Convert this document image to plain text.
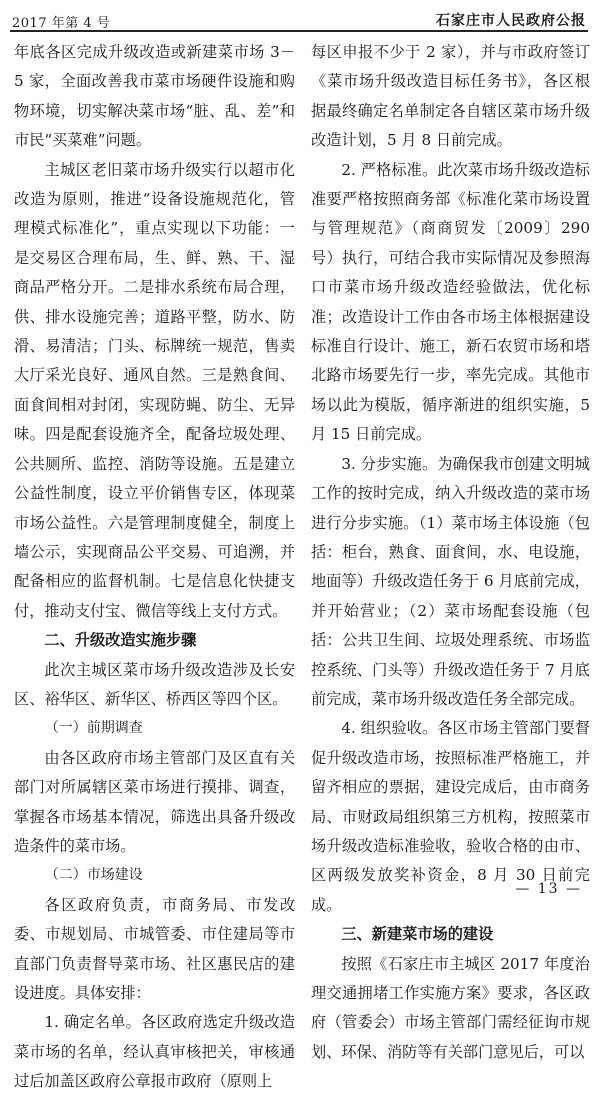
2017 年第 4 号	石家庄市人民政府公报

年底各区完成升级改造或新建菜市场 3－5 家，全面改善我市菜市场硬件设施和购物环境，切实解决菜市场“脏、乱、差”和市民“买菜难”问题。

主城区老旧菜市场升级实行以超市化改造为原则，推进“设备设施规范化，管理模式标准化”，重点实现以下功能：一是交易区合理布局，生、鲜、熟、干、湿商品严格分开。二是排水系统布局合理，供、排水设施完善；道路平整，防水、防滑、易清洁；门头、标牌统一规范，售卖大厅采光良好、通风自然。三是熟食间、面食间相对封闭，实现防蝇、防尘、无异味。四是配套设施齐全，配备垃圾处理、公共厕所、监控、消防等设施。五是建立公益性制度，设立平价销售专区，体现菜市场公益性。六是管理制度健全，制度上墙公示，实现商品公平交易、可追溯，并配备相应的监督机制。七是信息化快捷支付，推动支付宝、微信等线上支付方式。

二、升级改造实施步骤

此次主城区菜市场升级改造涉及长安区、裕华区、新华区、桥西区等四个区。

（一）前期调查

由各区政府市场主管部门及区直有关部门对所属辖区菜市场进行摸排、调查，掌握各市场基本情况，筛选出具备升级改造条件的菜市场。

（二）市场建设

各区政府负责，市商务局、市发改委、市规划局、市城管委、市住建局等市直部门负责督导菜市场、社区惠民店的建设进度。具体安排：

1. 确定名单。各区政府选定升级改造菜市场的名单，经认真审核把关，审核通过后加盖区政府公章报市政府（原则上

每区申报不少于 2 家），并与市政府签订《菜市场升级改造目标任务书》，各区根据最终确定名单制定各自辖区菜市场升级改造计划，5 月 8 日前完成。

2. 严格标准。此次菜市场升级改造标准要严格按照商务部《标准化菜市场设置与管理规范》（商商贸发〔2009〕290 号）执行，可结合我市实际情况及参照海口市菜市场升级改造经验做法，优化标准；改造设计工作由各市场主体根据建设标准自行设计、施工，新石农贸市场和塔北路市场要先行一步，率先完成。其他市场以此为模版，循序渐进的组织实施，5 月 15 日前完成。

3. 分步实施。为确保我市创建文明城工作的按时完成，纳入升级改造的菜市场进行分步实施。（1）菜市场主体设施（包括：柜台，熟食、面食间，水、电设施，地面等）升级改造任务于 6 月底前完成，并开始营业；（2）菜市场配套设施（包括：公共卫生间、垃圾处理系统、市场监控系统、门头等）升级改造任务于 7 月底前完成，菜市场升级改造任务全部完成。

4. 组织验收。各区市场主管部门要督促升级改造市场，按照标准严格施工，并留齐相应的票据，建设完成后，由市商务局、市财政局组织第三方机构，按照菜市场升级改造标准验收，验收合格的由市、区两级发放奖补资金，8 月 30 日前完成。

三、新建菜市场的建设

按照《石家庄市主城区 2017 年度治理交通拥堵工作实施方案》要求，各区政府（管委会）市场主管部门需经征询市规划、环保、消防等有关部门意见后，可以

— 13 —
